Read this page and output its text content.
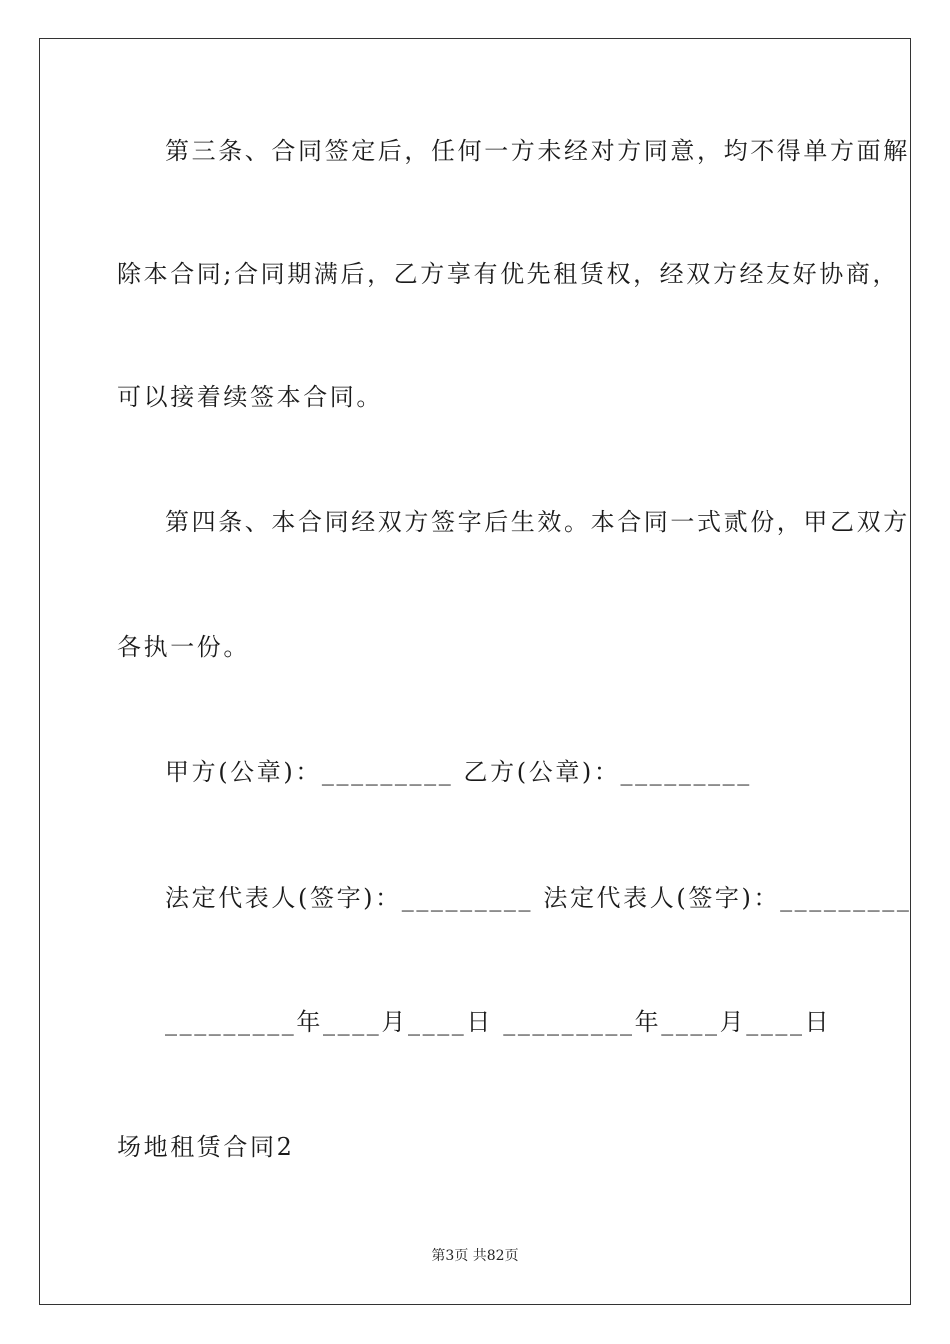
第三条、合同签定后，任何一方未经对方同意，均不得单方面解
除本合同;合同期满后，乙方享有优先租赁权，经双方经友好协商，
可以接着续签本合同。
第四条、本合同经双方签字后生效。本合同一式贰份，甲乙双方
各执一份。
甲方(公章)：_________ 乙方(公章)：_________
法定代表人(签字)：_________ 法定代表人(签字)：_________
_________年____月____日 _________年____月____日
场地租赁合同2
第3页 共82页
